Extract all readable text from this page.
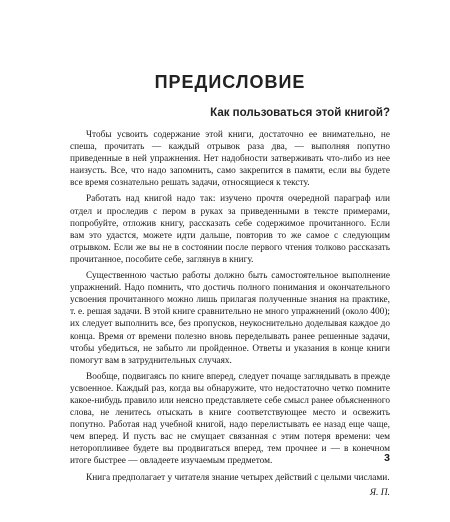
ПРЕДИСЛОВИЕ
Как пользоваться этой книгой?

Чтобы усвоить содержание этой книги, достаточно ее внимательно, не спеша, прочитать — каждый отрывок раза два, — выполняя попутно приведенные в ней упражнения. Нет надобности затверживать что-либо из нее наизусть. Все, что надо запомнить, само закрепится в памяти, если вы будете все время сознательно решать задачи, относящиеся к тексту.

Работать над книгой надо так: изучено прочтя очередной параграф или отдел и проследив с пером в руках за приведенными в тексте примерами, попробуйте, отложив книгу, рассказать себе содержимое прочитанного. Если вам это удастся, можете идти дальше, повторив то же самое с следующим отрывком. Если же вы не в состоянии после первого чтения толково рассказать прочитанное, пособите себе, заглянув в книгу.

Существенною частью работы должно быть самостоятельное выполнение упражнений. Надо помнить, что достичь полного понимания и окончательного усвоения прочитанного можно лишь прилагая полученные знания на практике, т. е. решая задачи. В этой книге сравнительно не много упражнений (около 400); их следует выполнить все, без пропусков, неукоснительно доделывая каждое до конца. Время от времени полезно вновь переделывать ранее решенные задачи, чтобы убедиться, не забыто ли пройденное. Ответы и указания в конце книги помогут вам в затруднительных случаях.

Вообще, подвигаясь по книге вперед, следует почаще заглядывать в прежде усвоенное. Каждый раз, когда вы обнаружите, что недостаточно четко помните какое-нибудь правило или неясно представляете себе смысл ранее объясненного слова, не ленитесь отыскать в книге соответствующее место и освежить попутно. Работая над учебной книгой, надо перелистывать ее назад еще чаще, чем вперед. И пусть вас не смущает связанная с этим потеря времени: чем нетороплиивее будете вы продвигаться вперед, тем прочнее и — в конечном итоге быстрее — овладеете изучаемым предметом.

Книга предполагает у читателя знание четырех действий с целыми числами.

Я. П.
3
